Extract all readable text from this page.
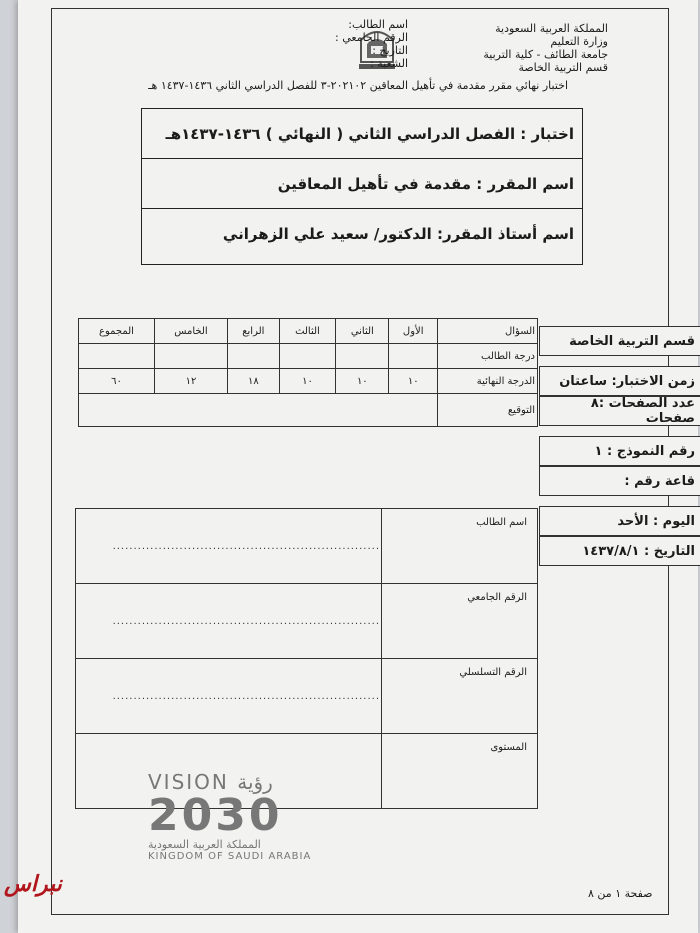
المملكة العربية السعودية
وزارة التعليم
جامعة الطائف - كلية التربية
قسم التربية الخاصة
اسم الطالب:
الرقم الجامعي :
التاريخ :
الشعبة :
اختبار نهائي مقرر مقدمة في تأهيل المعاقين ٢٠٢١٠٢-٣ للفصل الدراسي الثاني ١٤٣٦-١٤٣٧ هـ
اختبار : الفصل الدراسي الثاني ( النهائي ) ١٤٣٦-١٤٣٧هـ
اسم المقرر : مقدمة في تأهيل المعاقين
اسم أستاذ المقرر: الدكتور/ سعيد علي الزهراني
السؤال	الأول	الثاني	الثالث	الرابع	الخامس	المجموع
درجة الطالب						
الدرجة النهائية	١٠	١٠	١٠	١٨	١٢	٦٠
التوقيع						
قسم التربية الخاصة
زمن الاختبار: ساعتان
عدد الصفحات :٨ صفحات
رقم النموذج : ١
قاعة رقم :
اليوم : الأحد
التاريخ : ١٤٣٧/٨/١
اسم الطالب	................................................................
الرقم الجامعي	................................................................
الرقم التسلسلي	................................................................
المستوى	
VISION رؤية
2030
المملكة العربية السعودية
KINGDOM OF SAUDI ARABIA
صفحة ١ من ٨
نبراس
